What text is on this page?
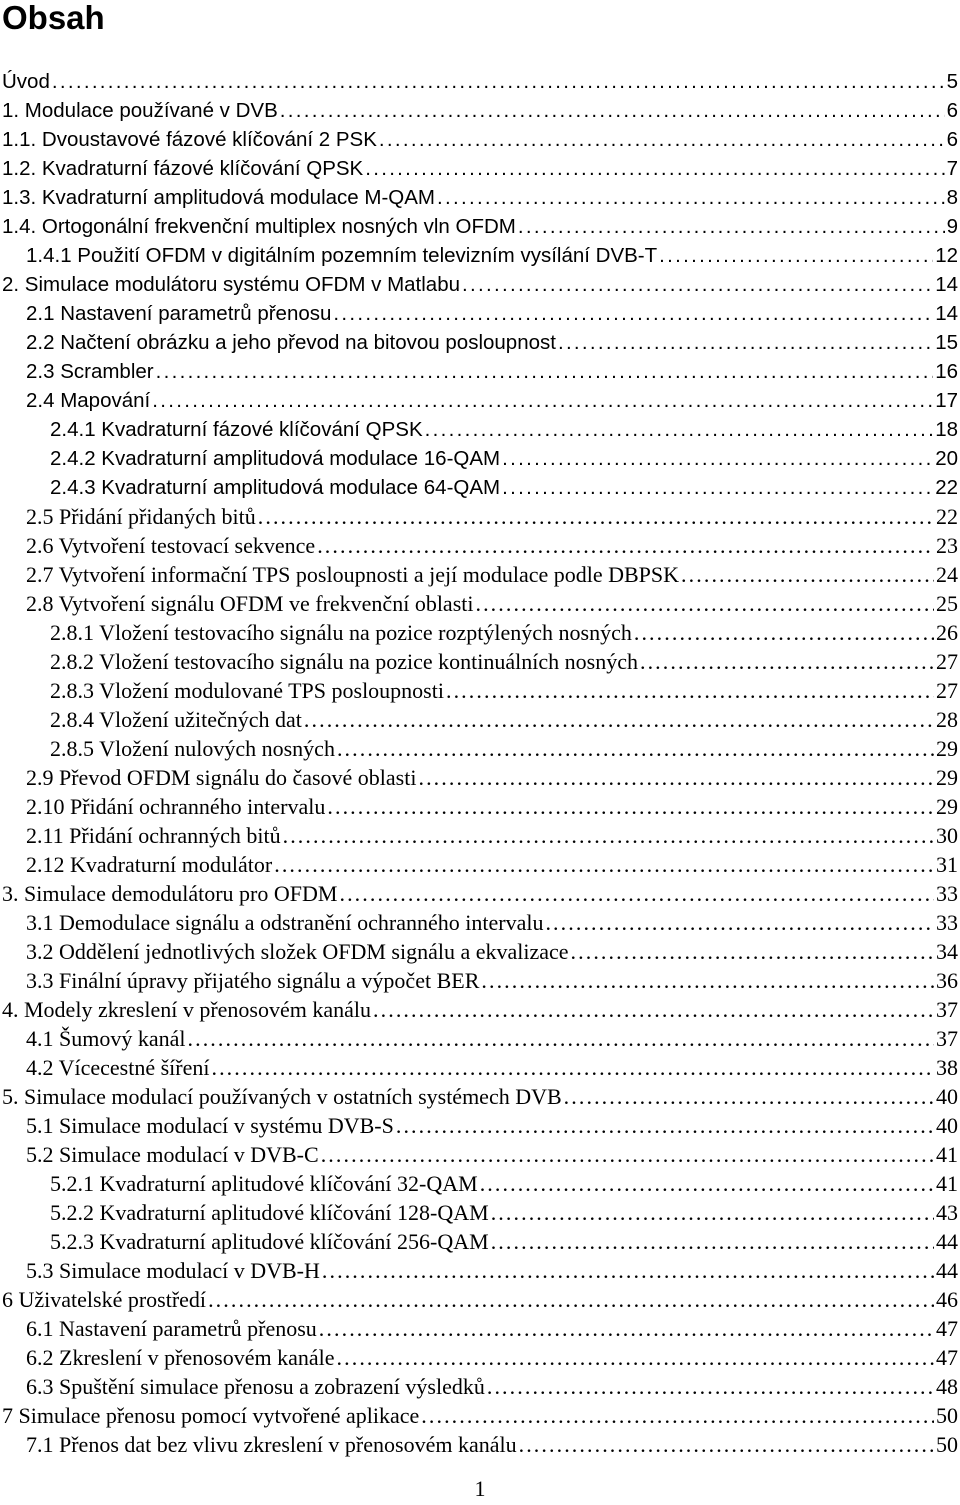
Obsah
Úvod . . .	5
1. Modulace používané v DVB . . .	6
1.1. Dvoustavové fázové klíčování 2 PSK . . .	6
1.2. Kvadraturní fázové klíčování QPSK . . .	7
1.3. Kvadraturní amplitudová modulace M-QAM . . .	8
1.4. Ortogonální frekvenční multiplex nosných vln OFDM . . .	9
1.4.1 Použití OFDM v digitálním pozemním televizním vysílání DVB-T . . .	12
2. Simulace modulátoru systému OFDM v Matlabu . . .	14
2.1 Nastavení parametrů přenosu . . .	14
2.2 Načtení obrázku a jeho převod na bitovou posloupnost . . .	15
2.3 Scrambler . . .	16
2.4 Mapování . . .	17
2.4.1 Kvadraturní fázové klíčování QPSK . . .	18
2.4.2 Kvadraturní amplitudová modulace 16-QAM . . .	20
2.4.3 Kvadraturní amplitudová modulace 64-QAM . . .	22
2.5 Přidání přidaných bitů . . .	22
2.6 Vytvoření testovací sekvence . . .	23
2.7 Vytvoření informační TPS posloupnosti a její modulace podle DBPSK . . .	24
2.8 Vytvoření signálu OFDM ve frekvenční oblasti . . .	25
2.8.1 Vložení testovacího signálu na pozice rozptýlených nosných . . .	26
2.8.2 Vložení testovacího signálu na pozice kontinuálních nosných . . .	27
2.8.3 Vložení modulované TPS posloupnosti . . .	27
2.8.4 Vložení užitečných dat . . .	28
2.8.5 Vložení nulových nosných . . .	29
2.9 Převod OFDM signálu do časové oblasti . . .	29
2.10 Přidání ochranného intervalu . . .	29
2.11 Přidání ochranných bitů . . .	30
2.12 Kvadraturní modulátor . . .	31
3. Simulace demodulátoru pro OFDM . . .	33
3.1 Demodulace signálu a odstranění ochranného intervalu . . .	33
3.2 Oddělení jednotlivých složek OFDM signálu a ekvalizace . . .	34
3.3 Finální úpravy přijatého signálu a výpočet BER . . .	36
4. Modely zkreslení v přenosovém kanálu . . .	37
4.1 Šumový kanál . . .	37
4.2 Vícecestné šíření . . .	38
5. Simulace modulací používaných v ostatních systémech DVB . . .	40
5.1 Simulace modulací v systému DVB-S . . .	40
5.2 Simulace modulací v DVB-C . . .	41
5.2.1 Kvadraturní aplitudové klíčování 32-QAM . . .	41
5.2.2 Kvadraturní aplitudové klíčování 128-QAM . . .	43
5.2.3 Kvadraturní aplitudové klíčování 256-QAM . . .	44
5.3 Simulace modulací v DVB-H . . .	44
6 Uživatelské prostředí . . .	46
6.1 Nastavení parametrů přenosu . . .	47
6.2 Zkreslení v přenosovém kanále . . .	47
6.3 Spuštění simulace přenosu a zobrazení výsledků . . .	48
7 Simulace přenosu pomocí vytvořené aplikace . . .	50
7.1 Přenos dat bez vlivu zkreslení v přenosovém kanálu . . .	50
1
